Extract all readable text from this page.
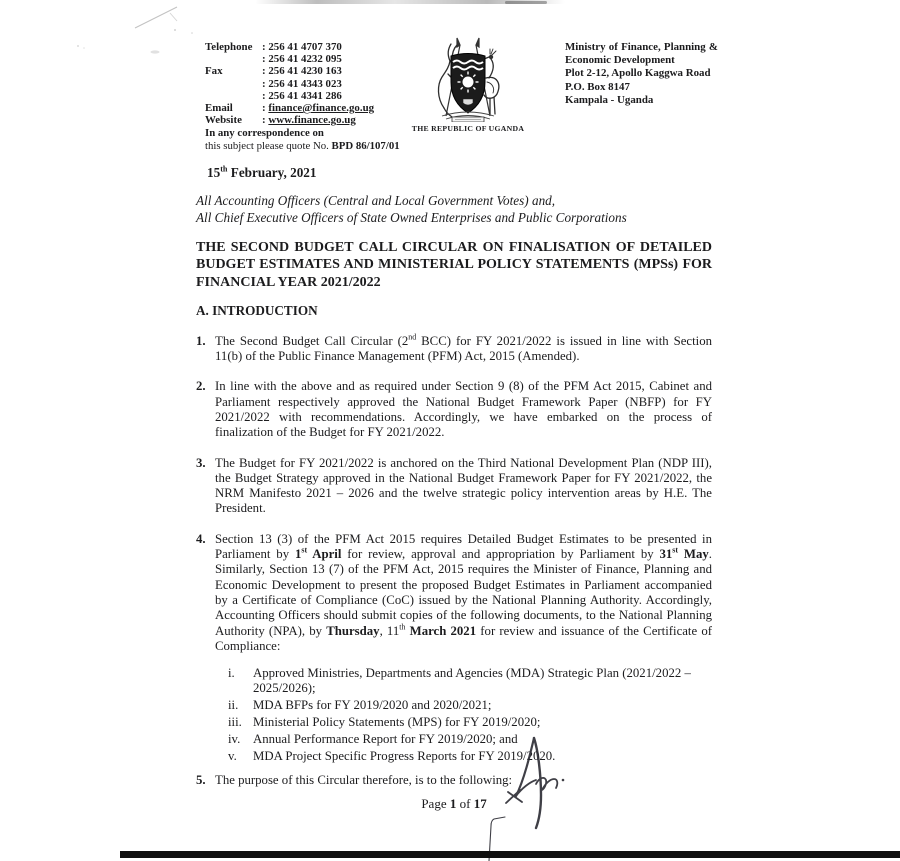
Telephone : 256 41 4707 370
: 256 41 4232 095
Fax	: 256 41 4230 163
: 256 41 4343 023
: 256 41 4341 286
Email	: finance@finance.go.ug
Website	: www.finance.go.ug
In any correspondence on
this subject please quote No. BPD 86/107/01
THE REPUBLIC OF UGANDA
Ministry of Finance, Planning &
Economic Development
Plot 2-12, Apollo Kaggwa Road
P.O. Box 8147
Kampala - Uganda
15th February, 2021
All Accounting Officers (Central and Local Government Votes) and,
All Chief Executive Officers of State Owned Enterprises and Public Corporations
THE SECOND BUDGET CALL CIRCULAR ON FINALISATION OF DETAILED BUDGET ESTIMATES AND MINISTERIAL POLICY STATEMENTS (MPSs) FOR FINANCIAL YEAR 2021/2022
A. INTRODUCTION
1. The Second Budget Call Circular (2nd BCC) for FY 2021/2022 is issued in line with Section 11(b) of the Public Finance Management (PFM) Act, 2015 (Amended).
2. In line with the above and as required under Section 9 (8) of the PFM Act 2015, Cabinet and Parliament respectively approved the National Budget Framework Paper (NBFP) for FY 2021/2022 with recommendations. Accordingly, we have embarked on the process of finalization of the Budget for FY 2021/2022.
3. The Budget for FY 2021/2022 is anchored on the Third National Development Plan (NDP III), the Budget Strategy approved in the National Budget Framework Paper for FY 2021/2022, the NRM Manifesto 2021 – 2026 and the twelve strategic policy intervention areas by H.E. The President.
4. Section 13 (3) of the PFM Act 2015 requires Detailed Budget Estimates to be presented in Parliament by 1st April for review, approval and appropriation by Parliament by 31st May. Similarly, Section 13 (7) of the PFM Act, 2015 requires the Minister of Finance, Planning and Economic Development to present the proposed Budget Estimates in Parliament accompanied by a Certificate of Compliance (CoC) issued by the National Planning Authority. Accordingly, Accounting Officers should submit copies of the following documents, to the National Planning Authority (NPA), by Thursday, 11th March 2021 for review and issuance of the Certificate of Compliance:
i.	Approved Ministries, Departments and Agencies (MDA) Strategic Plan (2021/2022 – 2025/2026);
ii.	MDA BFPs for FY 2019/2020 and 2020/2021;
iii. Ministerial Policy Statements (MPS) for FY 2019/2020;
iv. Annual Performance Report for FY 2019/2020; and
v.	MDA Project Specific Progress Reports for FY 2019/2020.
5. The purpose of this Circular therefore, is to the following:
Page 1 of 17
